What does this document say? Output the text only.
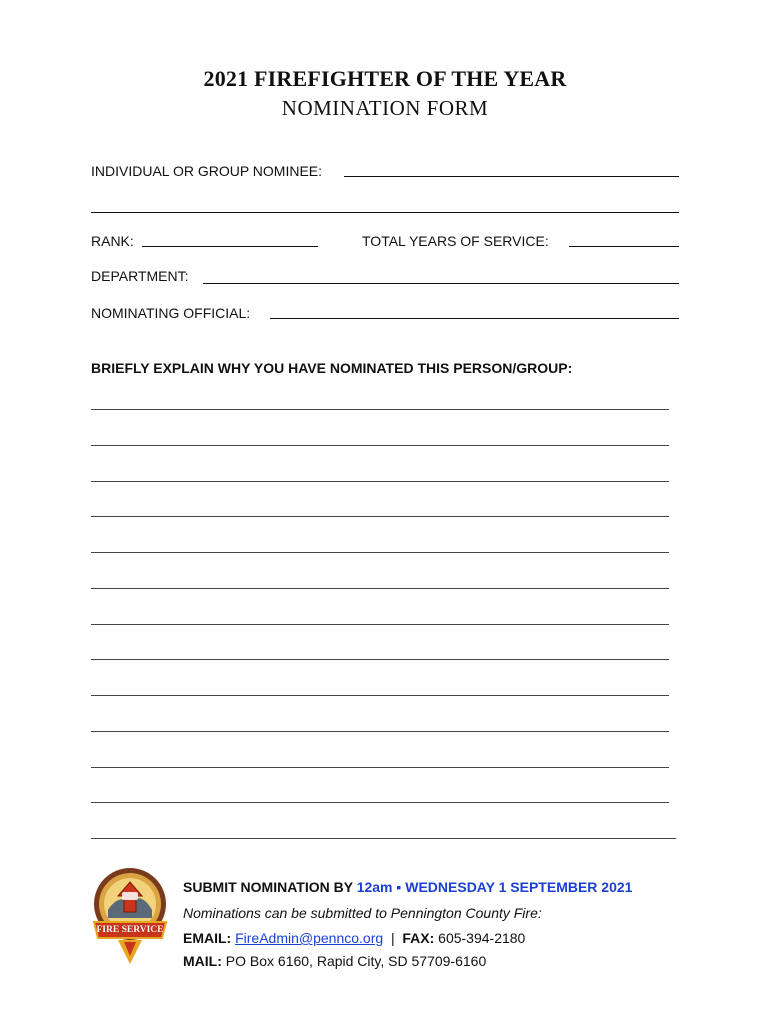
2021 FIREFIGHTER OF THE YEAR
NOMINATION FORM
INDIVIDUAL OR GROUP NOMINEE:
RANK:	TOTAL YEARS OF SERVICE:
DEPARTMENT:
NOMINATING OFFICIAL:
BRIEFLY EXPLAIN WHY YOU HAVE NOMINATED THIS PERSON/GROUP:
FIRE SERVICE
SUBMIT NOMINATION BY 12am ▪ WEDNESDAY 1 SEPTEMBER 2021
Nominations can be submitted to Pennington County Fire:
EMAIL: FireAdmin@pennco.org | FAX: 605-394-2180
MAIL: PO Box 6160, Rapid City, SD 57709-6160
